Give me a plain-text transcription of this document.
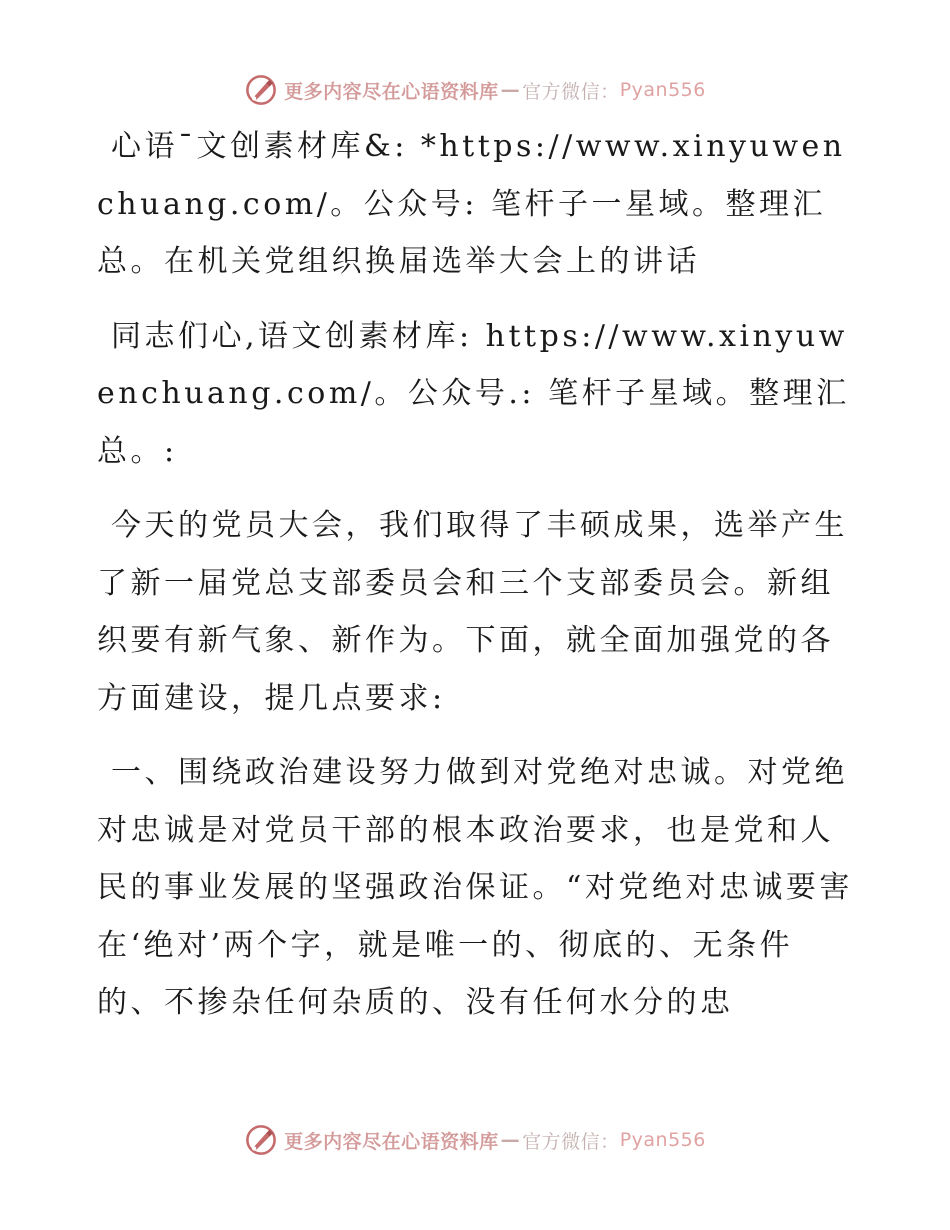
更多内容尽在心语资料库 — 官方微信： Pyan556

心语¯文创素材库&: *https://www.xinyuwenchuang.com/。公众号: 笔杆子一星域。整理汇总。在机关党组织换届选举大会上的讲话

同志们心,语文创素材库: https://www.xinyuwenchuang.com/。公众号.: 笔杆子星域。整理汇总。:

今天的党员大会，我们取得了丰硕成果，选举产生了新一届党总支部委员会和三个支部委员会。新组织要有新气象、新作为。下面，就全面加强党的各方面建设，提几点要求:

一、围绕政治建设努力做到对党绝对忠诚。对党绝对忠诚是对党员干部的根本政治要求，也是党和人民的事业发展的坚强政治保证。“对党绝对忠诚要害在‘绝对’两个字，就是唯一的、彻底的、无条件的、不掺杂任何杂质的、没有任何水分的忠

更多内容尽在心语资料库 — 官方微信： Pyan556
